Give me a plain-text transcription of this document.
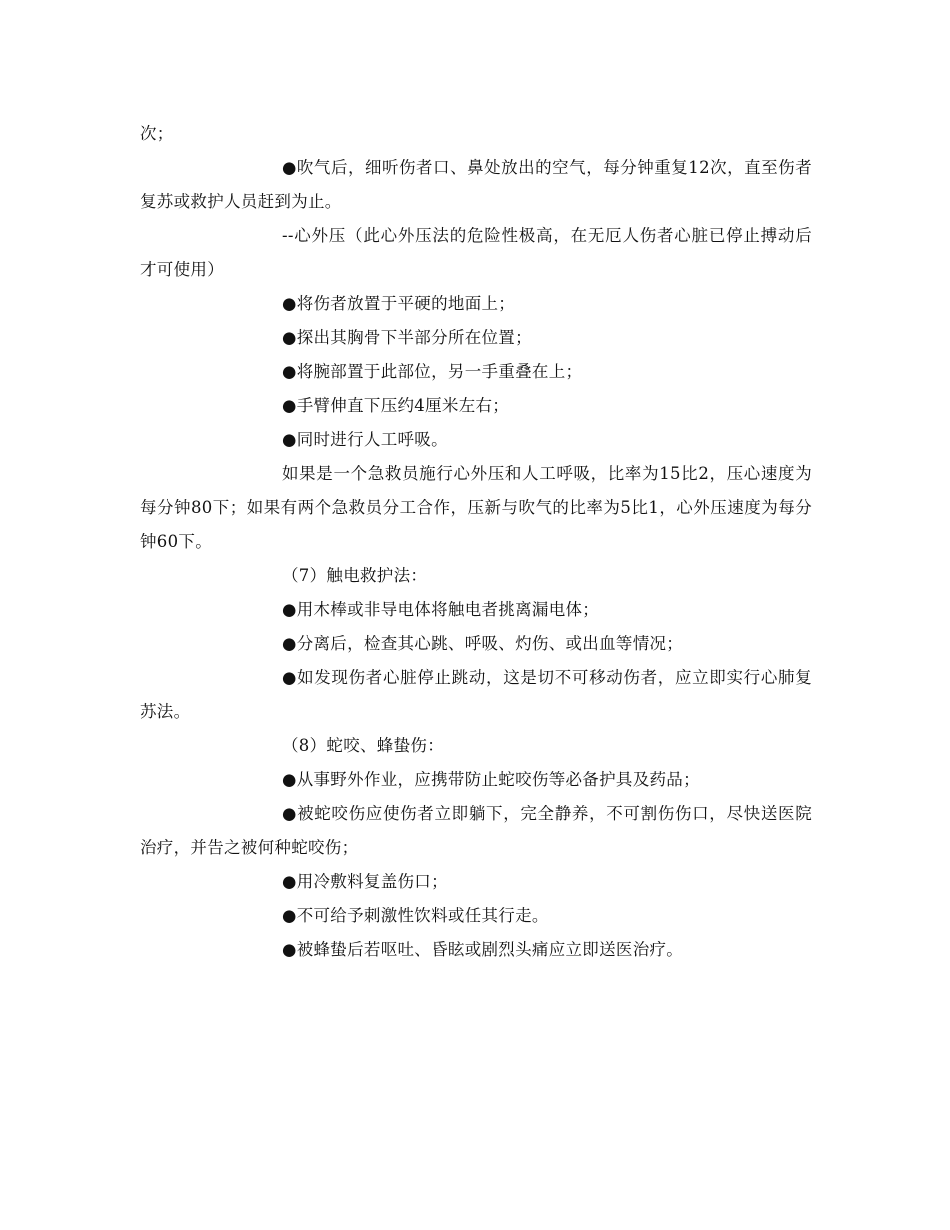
次；

●吹气后，细听伤者口、鼻处放出的空气，每分钟重复12次，直至伤者复苏或救护人员赶到为止。

--心外压（此心外压法的危险性极高，在无厄人伤者心脏已停止搏动后才可使用）

●将伤者放置于平硬的地面上；

●探出其胸骨下半部分所在位置；

●将腕部置于此部位，另一手重叠在上；

●手臂伸直下压约4厘米左右；

●同时进行人工呼吸。

如果是一个急救员施行心外压和人工呼吸，比率为15比2，压心速度为每分钟80下；如果有两个急救员分工合作，压新与吹气的比率为5比1，心外压速度为每分钟60下。

（7）触电救护法：

●用木棒或非导电体将触电者挑离漏电体；

●分离后，检查其心跳、呼吸、灼伤、或出血等情况；

●如发现伤者心脏停止跳动，这是切不可移动伤者，应立即实行心肺复苏法。

（8）蛇咬、蜂蛰伤：

●从事野外作业，应携带防止蛇咬伤等必备护具及药品；

●被蛇咬伤应使伤者立即躺下，完全静养，不可割伤伤口，尽快送医院治疗，并告之被何种蛇咬伤；

●用冷敷料复盖伤口；

●不可给予刺激性饮料或任其行走。

●被蜂蛰后若呕吐、昏眩或剧烈头痛应立即送医治疗。
